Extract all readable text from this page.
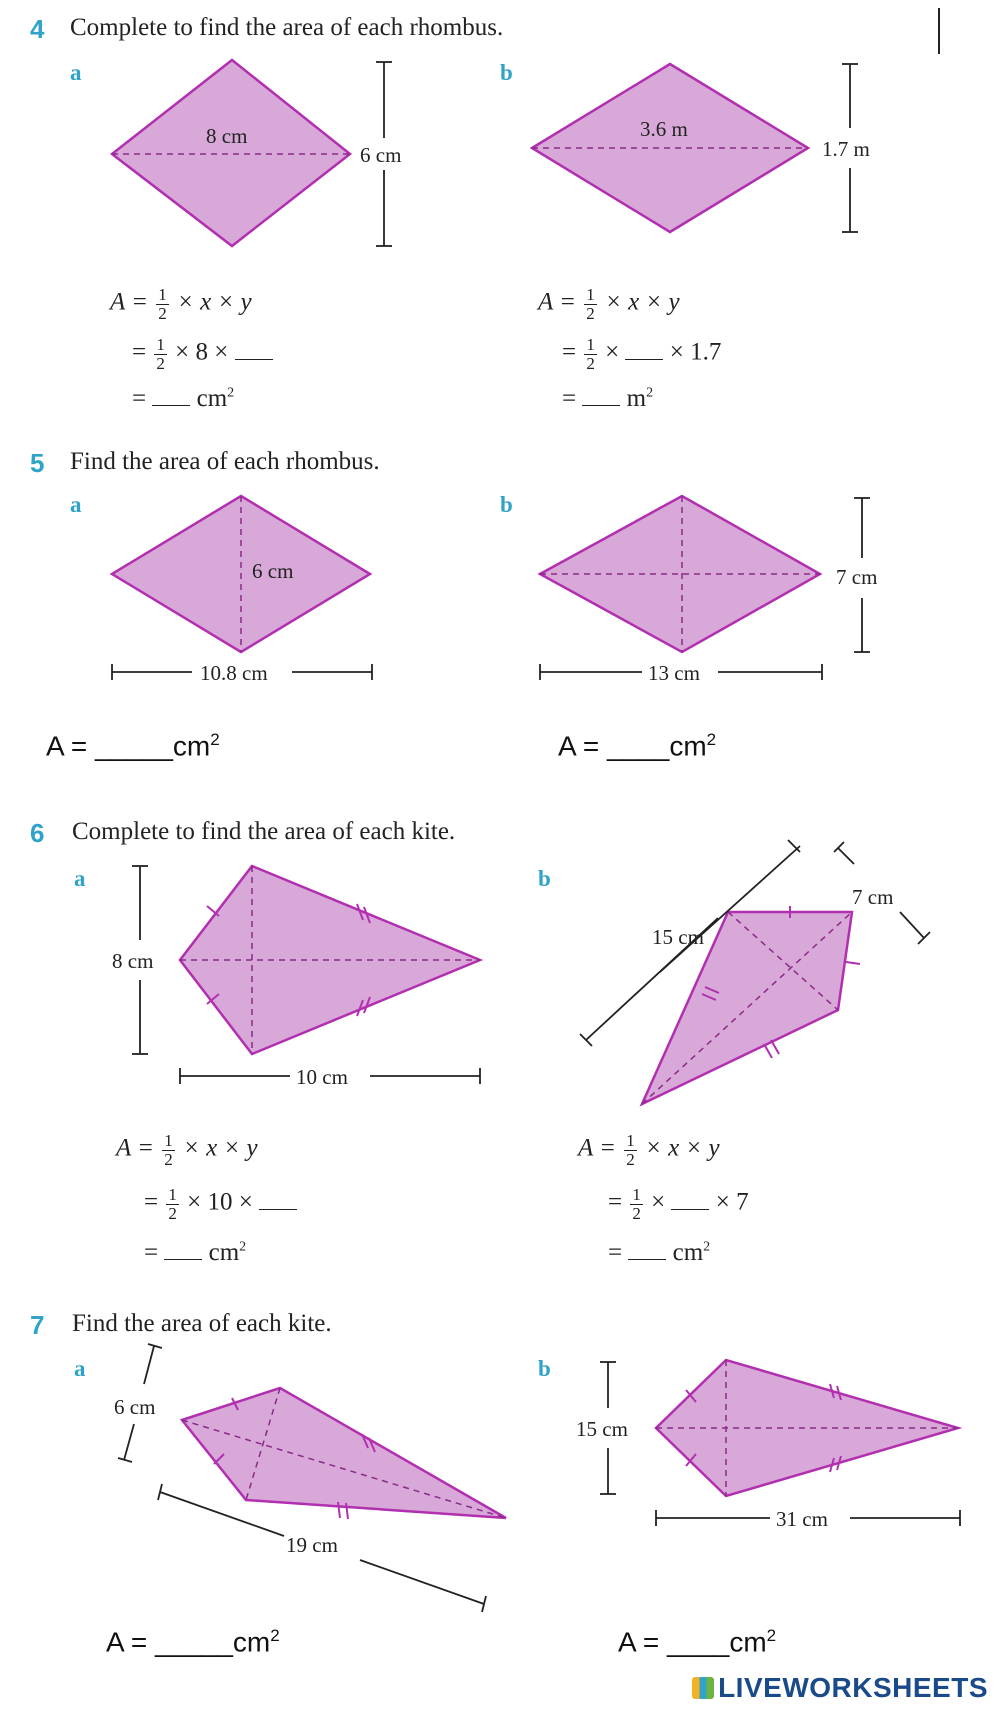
4 Complete to find the area of each rhombus.
a	b
8 cm
6 cm
3.6 m
1.7 m
6 cm
10.8 cm
7 cm
13 cm
8 cm
10 cm
15 cm
7 cm
6 cm
19 cm
15 cm
31 cm
$A = \frac{1}{2} \times x \times y$
= $\frac{1}{2} \times 8$ ×
= $cm^2$
$A = \frac{1}{2} \times x \times y$
= $\frac{1}{2}$ × × 1.7
= $m^2$
5 Find the area of each rhombus.
a	b
$A = \_\_\_\_\_cm^2$	$A = \_\_\_\_cm^2$
6 Complete to find the area of each kite.
a	b
$A = \frac{1}{2} \times x \times y$
= $\frac{1}{2} \times 10$ ×
= $cm^2$
$A = \frac{1}{2} \times x \times y$
= $\frac{1}{2}$ × × 7
= $cm^2$
7 Find the area of each kite.
a	b
$A = \_\_\_\_\_cm^2$	$A = \_\_\_\_cm^2$
LIVEWORKSHEETS
